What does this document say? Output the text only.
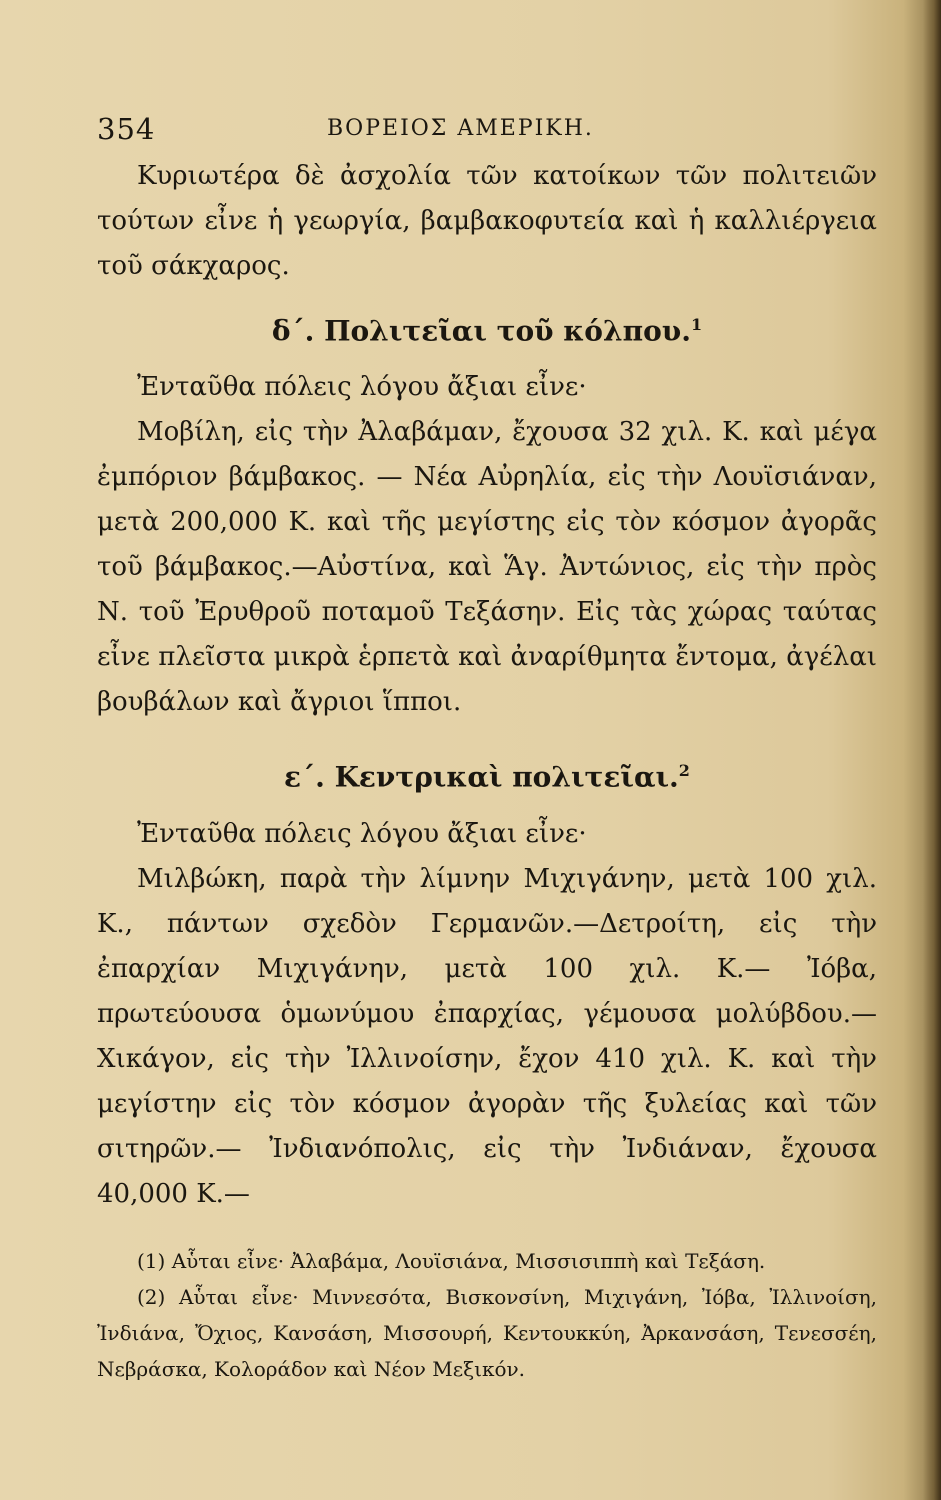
354	ΒΟΡΕΙΟΣ ΑΜΕΡΙΚΗ.

Κυριωτέρα δὲ ἀσχολία τῶν κατοίκων τῶν πολιτειῶν τούτων εἶνε ἡ γεωργία, βαμβακοφυτεία καὶ ἡ καλλιέργεια τοῦ σάκχαρος.

δ΄. Πολιτεῖαι τοῦ κόλπου.$^1$

Ἐνταῦθα πόλεις λόγου ἄξιαι εἶνε·

Μοβίλη, εἰς τὴν Ἀλαβάμαν, ἔχουσα 32 χιλ. Κ. καὶ μέγα ἐμπόριον βάμβακος. — Νέα Αὐρηλία, εἰς τὴν Λουϊσιάναν, μετὰ 200,000 Κ. καὶ τῆς μεγίστης εἰς τὸν κόσμον ἀγορᾶς τοῦ βάμβακος.—Αὐστίνα, καὶ Ἅγ. Ἀντώνιος, εἰς τὴν πρὸς Ν. τοῦ Ἐρυθροῦ ποταμοῦ Τεξάσην. Εἰς τὰς χώρας ταύτας εἶνε πλεῖστα μικρὰ ἑρπετὰ καὶ ἀναρίθμητα ἔντομα, ἀγέλαι βουβάλων καὶ ἄγριοι ἵπποι.

ε΄. Κεντρικαὶ πολιτεῖαι.$^2$

Ἐνταῦθα πόλεις λόγου ἄξιαι εἶνε·

Μιλβώκη, παρὰ τὴν λίμνην Μιχιγάνην, μετὰ 100 χιλ. Κ., πάντων σχεδὸν Γερμανῶν.—Δετροίτη, εἰς τὴν ἐπαρχίαν Μιχιγάνην, μετὰ 100 χιλ. Κ.— Ἰόβα, πρωτεύουσα ὁμωνύμου ἐπαρχίας, γέμουσα μολύβδου.—Χικάγον, εἰς τὴν Ἰλλινοίσην, ἔχον 410 χιλ. Κ. καὶ τὴν μεγίστην εἰς τὸν κόσμον ἀγορὰν τῆς ξυλείας καὶ τῶν σιτηρῶν.— Ἰνδιανόπολις, εἰς τὴν Ἰνδιάναν, ἔχουσα 40,000 Κ.—

(1) Αὗται εἶνε· Ἀλαβάμα, Λουϊσιάνα, Μισσισιππὴ καὶ Τεξάση.

(2) Αὗται εἶνε· Μιννεσότα, Βισκονσίνη, Μιχιγάνη, Ἰόβα, Ἰλλινοίση, Ἰνδιάνα, Ὄχιος, Κανσάση, Μισσουρή, Κεντουκκύη, Ἀρκανσάση, Τενεσσέη, Νεβράσκα, Κολοράδον καὶ Νέον Μεξικόν.
